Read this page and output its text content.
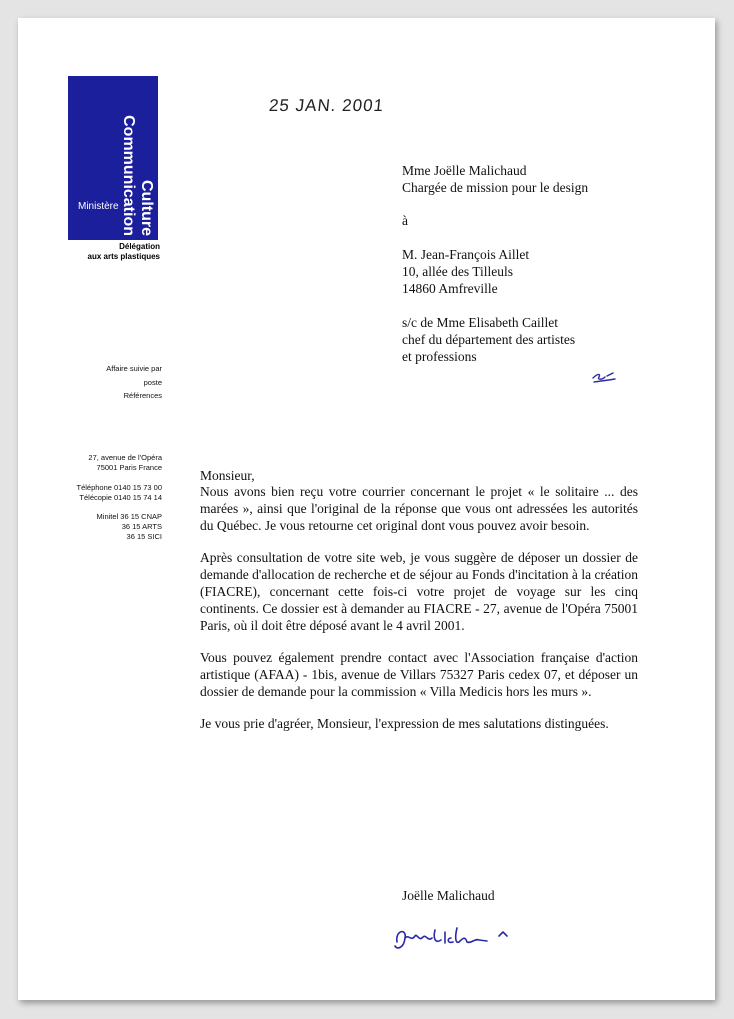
Culture
Communication
Ministère
Délégation
aux arts plastiques
Affaire suivie par
poste
Références
27, avenue de l'Opéra
75001 Paris France
Téléphone 0140 15 73 00
Télécopie 0140 15 74 14
Minitel 36 15 CNAP
36 15 ARTS
36 15 SICI
25 JAN. 2001
Mme Joëlle Malichaud
Chargée de mission pour le design
à
M. Jean-François Aillet
10, allée des Tilleuls
14860 Amfreville
s/c de Mme Elisabeth Caillet
chef du département des artistes
et professions
Monsieur,

Nous avons bien reçu votre courrier concernant le projet « le solitaire ... des marées », ainsi que l'original de la réponse que vous ont adressées les autorités du Québec. Je vous retourne cet original dont vous pouvez avoir besoin.

Après consultation de votre site web, je vous suggère de déposer un dossier de demande d'allocation de recherche et de séjour au Fonds d'incitation à la création (FIACRE), concernant cette fois-ci votre projet de voyage sur les cinq continents. Ce dossier est à demander au FIACRE - 27, avenue de l'Opéra 75001 Paris, où il doit être déposé avant le 4 avril 2001.

Vous pouvez également prendre contact avec l'Association française d'action artistique (AFAA) - 1bis, avenue de Villars 75327 Paris cedex 07, et déposer un dossier de demande pour la commission « Villa Medicis hors les murs ».

Je vous prie d'agréer, Monsieur, l'expression de mes salutations distinguées.

Joëlle Malichaud
